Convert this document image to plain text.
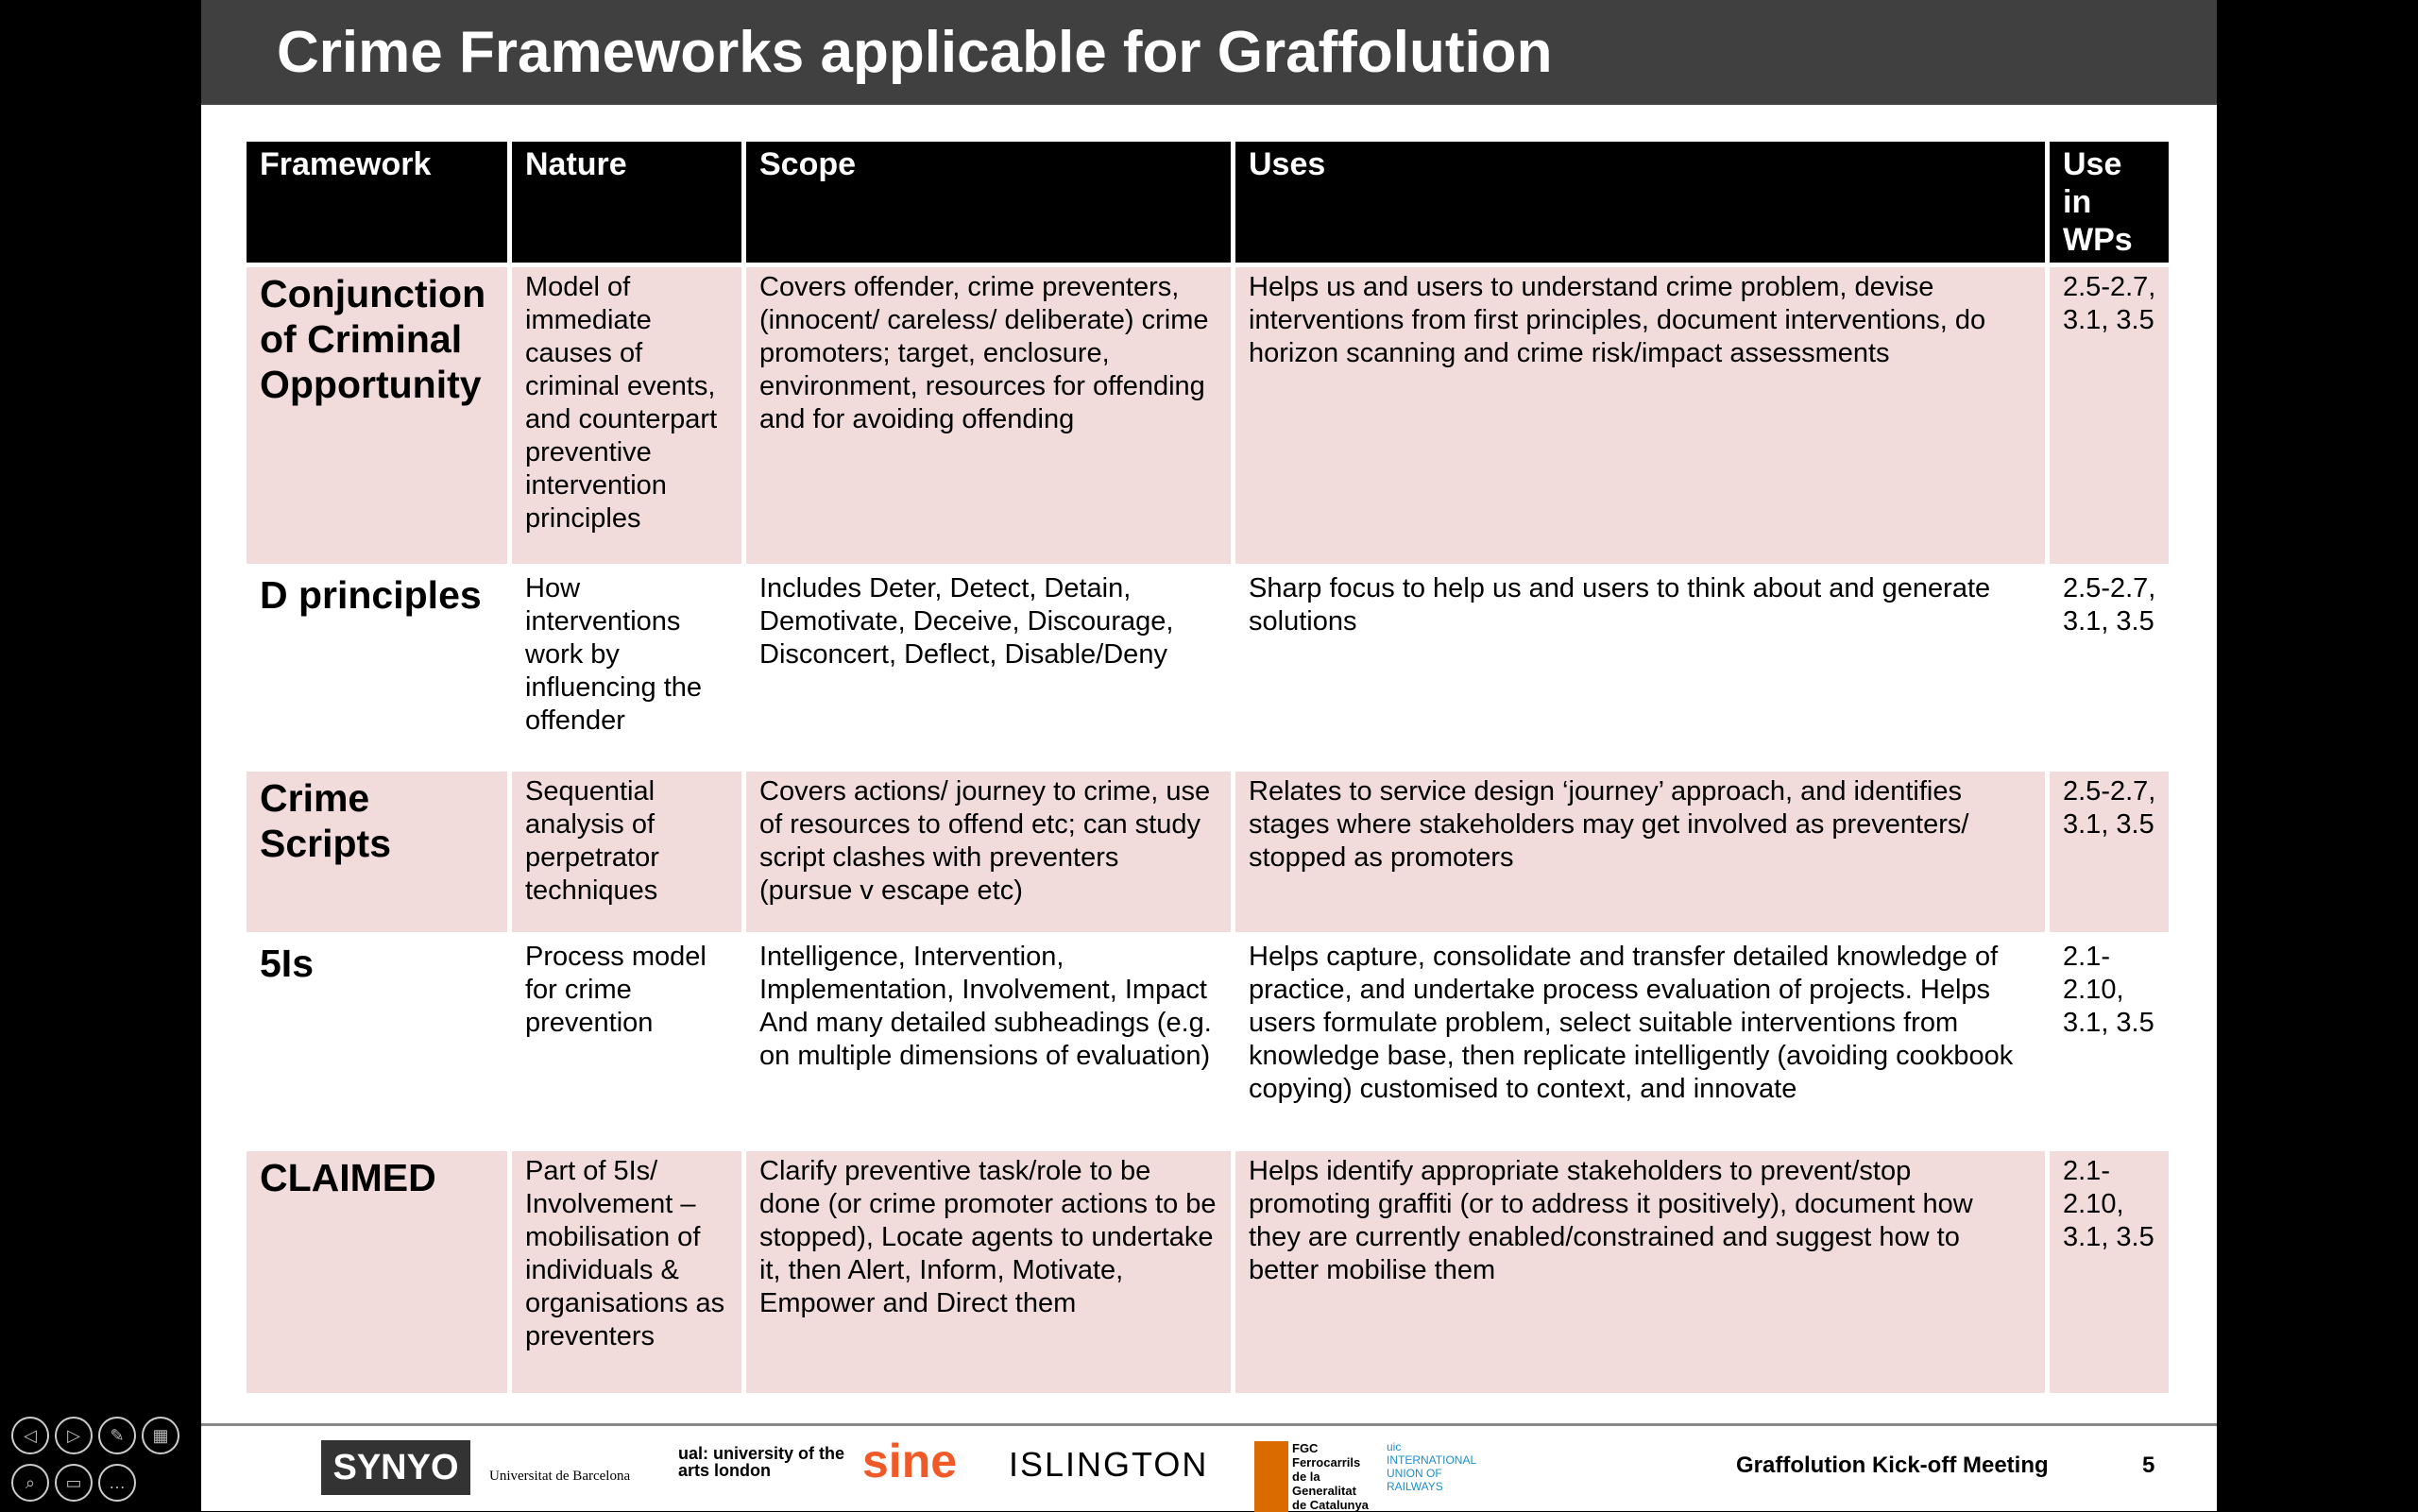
Crime Frameworks applicable for Graffolution
Framework	Nature	Scope	Uses	Use in WPs
Conjunction of Criminal Opportunity	Model of immediate causes of criminal events, and counterpart preventive intervention principles	Covers offender, crime preventers, (innocent/ careless/ deliberate) crime promoters; target, enclosure, environment, resources for offending and for avoiding offending	Helps us and users to understand crime problem, devise interventions from first principles, document interventions, do horizon scanning and crime risk/impact assessments	2.5-2.7, 3.1, 3.5
D principles	How interventions work by influencing the offender	Includes Deter, Detect, Detain, Demotivate, Deceive, Discourage, Disconcert, Deflect, Disable/Deny	Sharp focus to help us and users to think about and generate solutions	2.5-2.7, 3.1, 3.5
Crime Scripts	Sequential analysis of perpetrator techniques	Covers actions/ journey to crime, use of resources to offend etc; can study script clashes with preventers (pursue v escape etc)	Relates to service design ‘journey’ approach, and identifies stages where stakeholders may get involved as preventers/ stopped as promoters	2.5-2.7, 3.1, 3.5
5Is	Process model for crime prevention	Intelligence, Intervention, Implementation, Involvement, Impact And many detailed subheadings (e.g. on multiple dimensions of evaluation)	Helps capture, consolidate and transfer detailed knowledge of practice, and undertake process evaluation of projects. Helps users formulate problem, select suitable interventions from knowledge base, then replicate intelligently (avoiding cookbook copying) customised to context, and innovate	2.1-2.10, 3.1, 3.5
CLAIMED	Part of 5Is/ Involvement – mobilisation of individuals & organisations as preventers	Clarify preventive task/role to be done (or crime promoter actions to be stopped), Locate agents to undertake it, then Alert, Inform, Motivate, Empower and Direct them	Helps identify appropriate stakeholders to prevent/stop promoting graffiti (or to address it positively), document how they are currently enabled/constrained and suggest how to better mobilise them	2.1-2.10, 3.1, 3.5
SYNYO	Universitat de Barcelona
ual: university of the arts london	sine ISLINGTON	FGC Ferrocarrils de la Generalitat de Catalunya
uic INTERNATIONAL UNION OF RAILWAYS
Graffolution Kick-off Meeting	5
◁	▷	✎	▦
⌕	▭	…
